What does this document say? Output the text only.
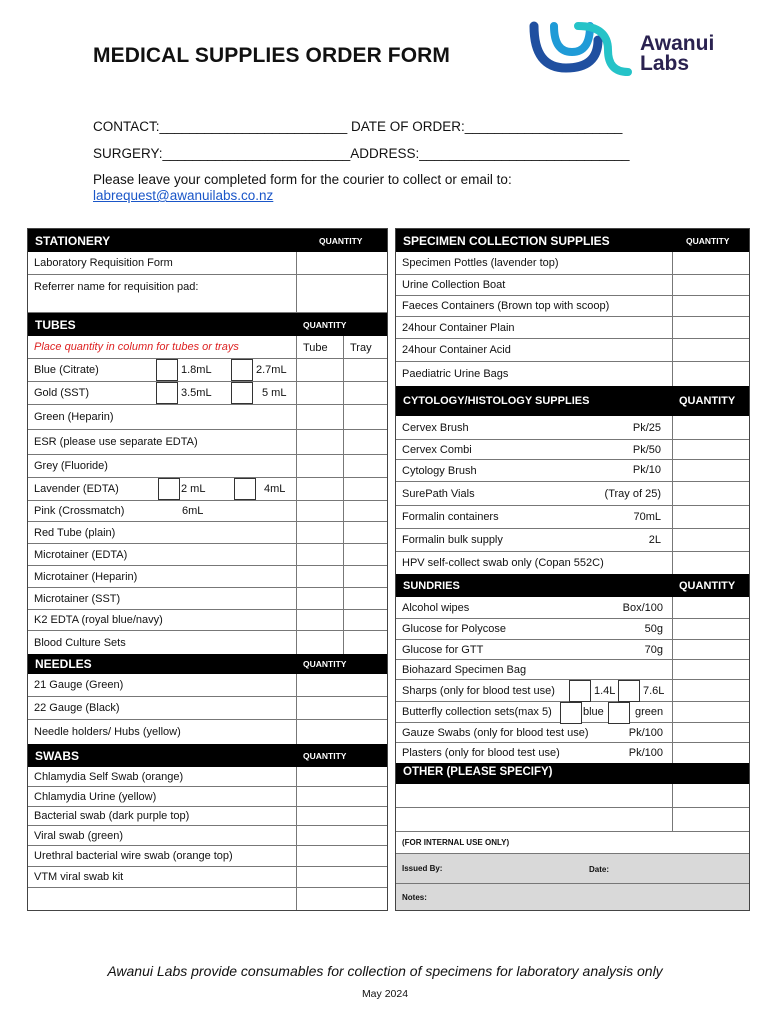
MEDICAL SUPPLIES ORDER FORM
Awanui
Labs
CONTACT:_________________________ DATE OF ORDER:_____________________
SURGERY:_________________________ADDRESS:____________________________
Please leave your completed form for the courier to collect or email to:
labrequest@awanuilabs.co.nz
STATIONERY	QUANTITY
Laboratory Requisition Form
Referrer name for requisition pad:
TUBES	QUANTITY
Place quantity in column for tubes or trays	Tube	Tray
Blue (Citrate)	1.8mL	2.7mL
Gold (SST)	3.5mL	5 mL
Green (Heparin)
ESR (please use separate EDTA)
Grey (Fluoride)
Lavender (EDTA)	2 mL	4mL
Pink (Crossmatch)	6mL
Red Tube (plain)
Microtainer (EDTA)
Microtainer (Heparin)
Microtainer (SST)
K2 EDTA (royal blue/navy)
Blood Culture Sets
NEEDLES	QUANTITY
21 Gauge (Green)
22 Gauge (Black)
Needle holders/ Hubs (yellow)
SWABS	QUANTITY
Chlamydia Self Swab (orange)
Chlamydia Urine (yellow)
Bacterial swab (dark purple top)
Viral swab (green)
Urethral bacterial wire swab (orange top)
VTM viral swab kit
SPECIMEN COLLECTION SUPPLIES	QUANTITY
Specimen Pottles (lavender top)
Urine Collection Boat
Faeces Containers (Brown top with scoop)
24hour Container Plain
24hour Container Acid
Paediatric Urine Bags
CYTOLOGY/HISTOLOGY SUPPLIES	QUANTITY
Cervex Brush	Pk/25
Cervex Combi	Pk/50
Cytology Brush	Pk/10
SurePath Vials	(Tray of 25)
Formalin containers	70mL
Formalin bulk supply	2L
HPV self-collect swab only (Copan 552C)
SUNDRIES	QUANTITY
Alcohol wipes	Box/100
Glucose for Polycose	50g
Glucose for GTT	70g
Biohazard Specimen Bag
Sharps (only for blood test use)	1.4L	7.6L
Butterfly collection sets(max 5)	blue	green
Gauze Swabs (only for blood test use)	Pk/100
Plasters (only for blood test use)	Pk/100
OTHER (PLEASE SPECIFY)
(FOR INTERNAL USE ONLY)
Issued By:	Date:
Notes:
Awanui Labs provide consumables for collection of specimens for laboratory analysis only
May 2024
